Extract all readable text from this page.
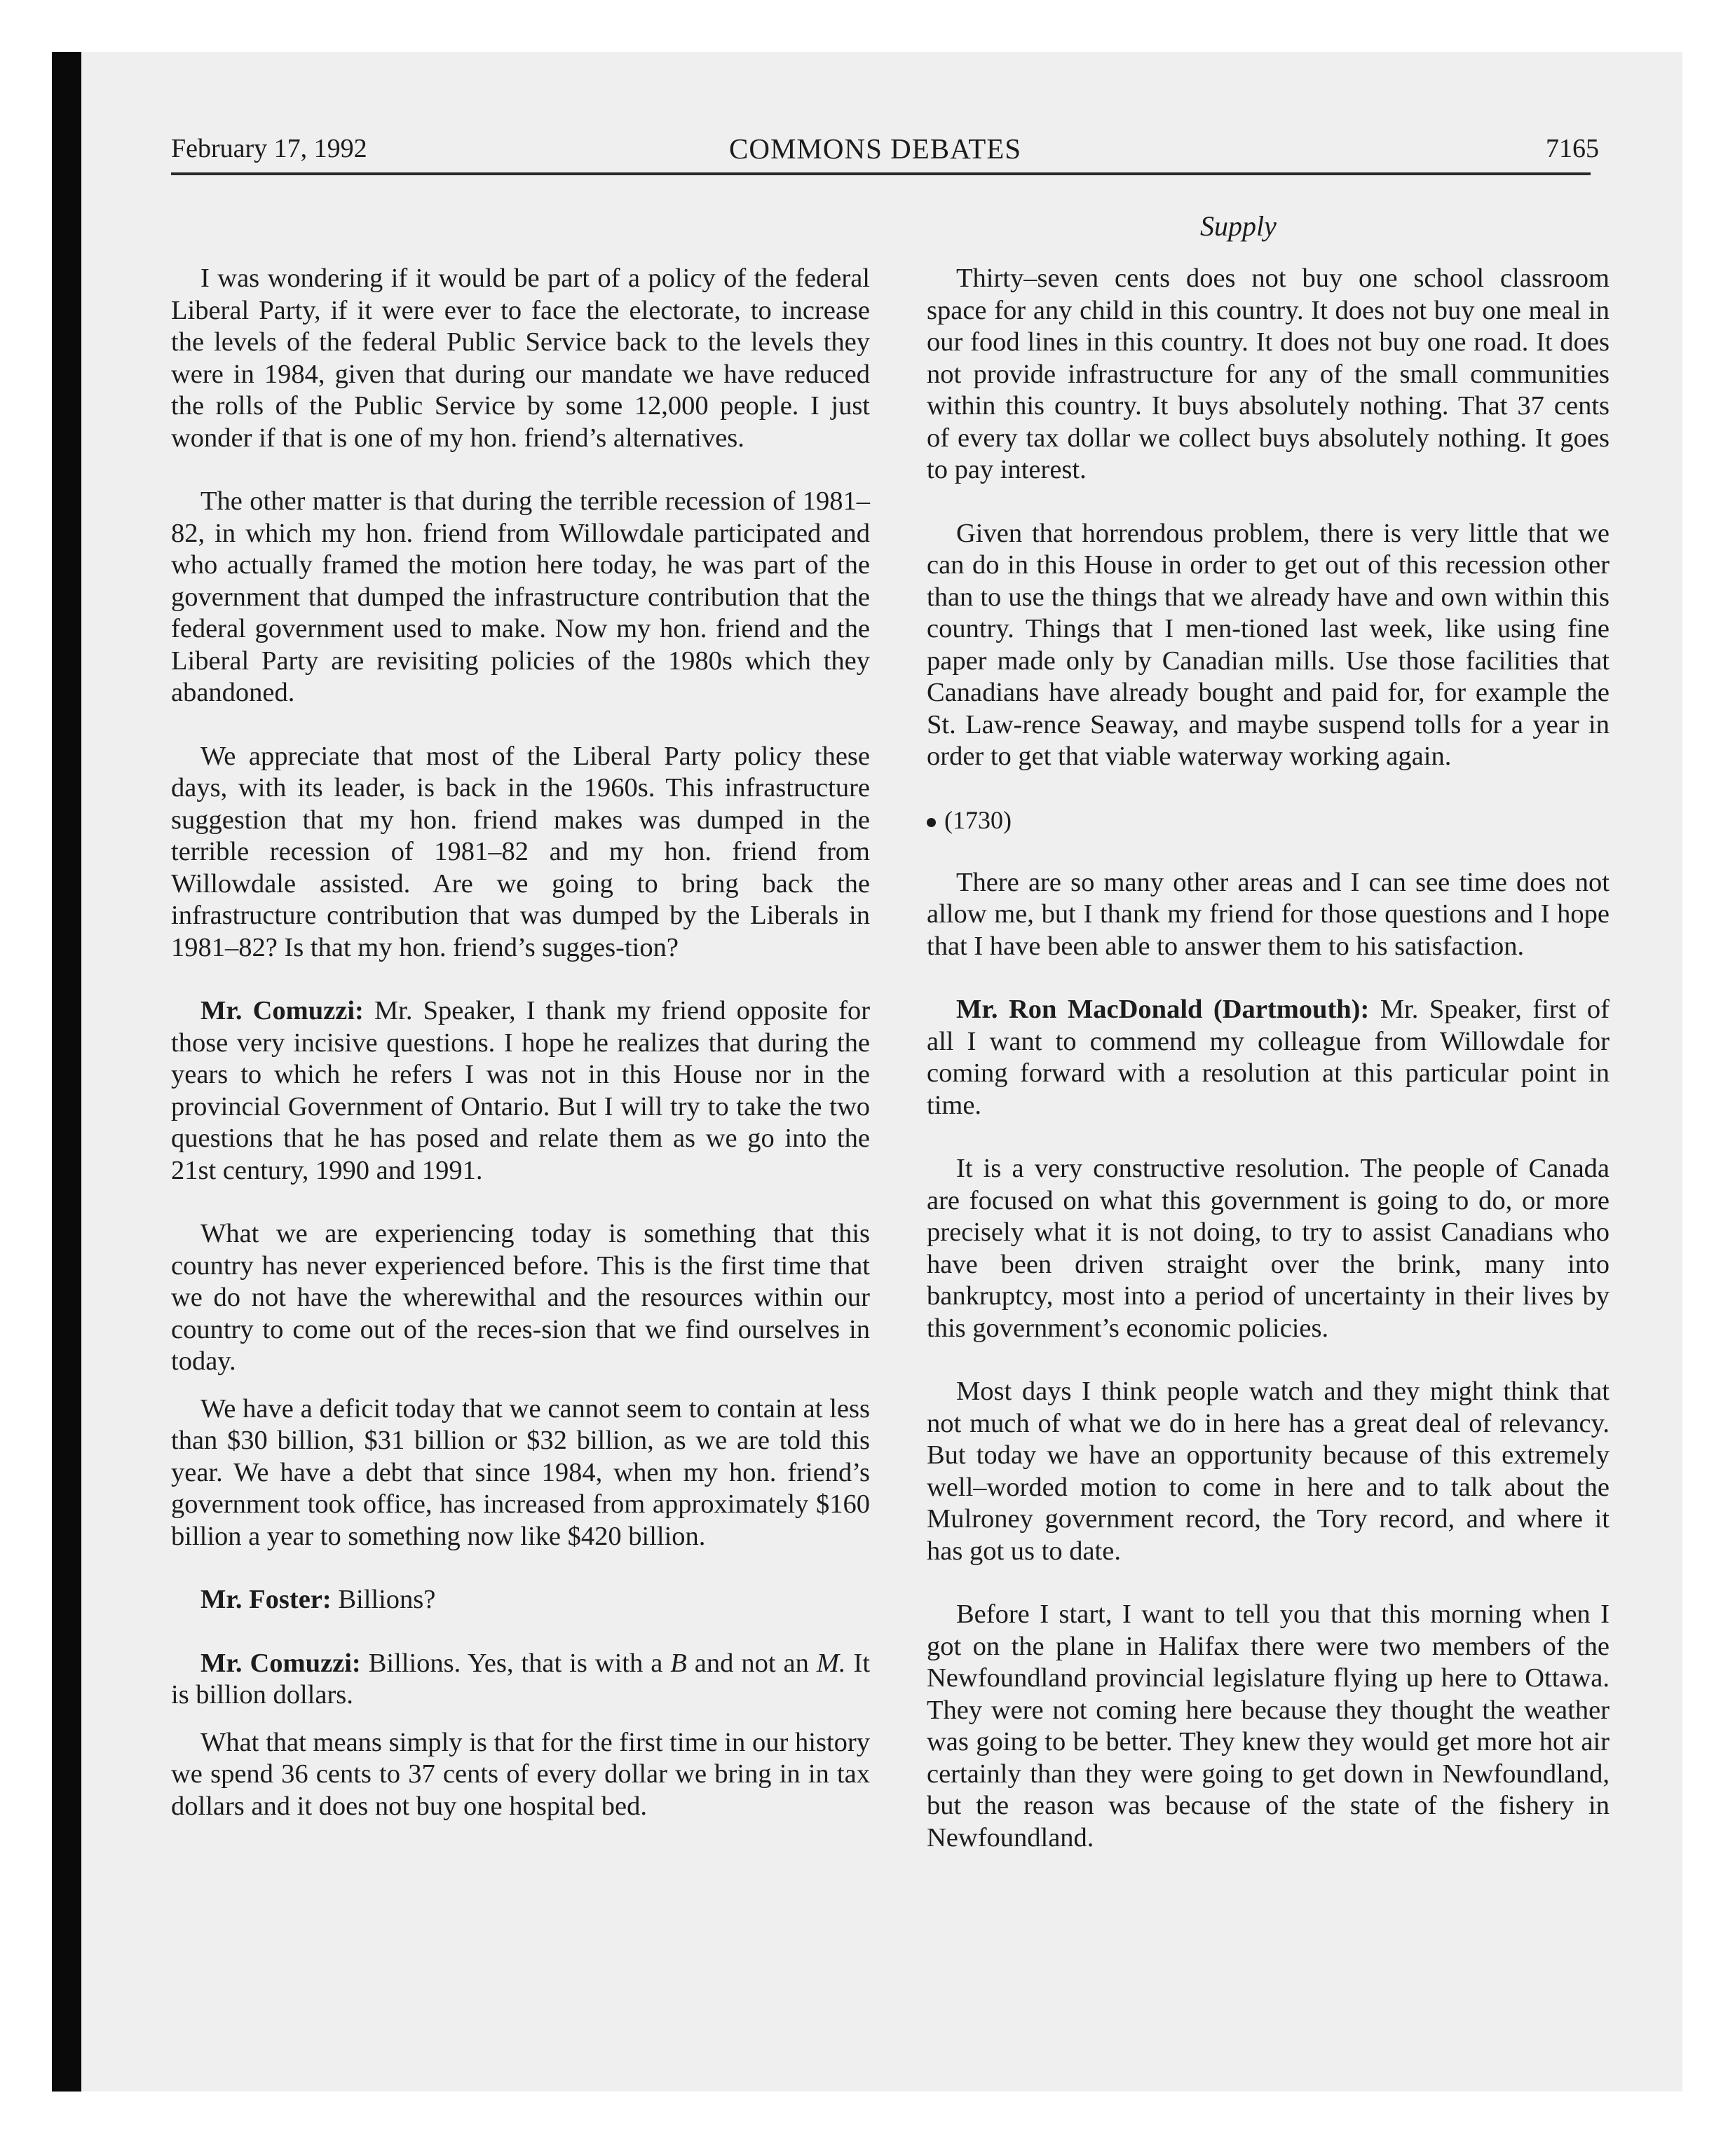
February 17, 1992	COMMONS DEBATES	7165
Supply

I was wondering if it would be part of a policy of the federal Liberal Party, if it were ever to face the electorate, to increase the levels of the federal Public Service back to the levels they were in 1984, given that during our mandate we have reduced the rolls of the Public Service by some 12,000 people. I just wonder if that is one of my hon. friend’s alternatives.

The other matter is that during the terrible recession of 1981–82, in which my hon. friend from Willowdale participated and who actually framed the motion here today, he was part of the government that dumped the infrastructure contribution that the federal government used to make. Now my hon. friend and the Liberal Party are revisiting policies of the 1980s which they abandoned.

We appreciate that most of the Liberal Party policy these days, with its leader, is back in the 1960s. This infrastructure suggestion that my hon. friend makes was dumped in the terrible recession of 1981–82 and my hon. friend from Willowdale assisted. Are we going to bring back the infrastructure contribution that was dumped by the Liberals in 1981–82? Is that my hon. friend’s sugges-tion?

Mr. Comuzzi: Mr. Speaker, I thank my friend opposite for those very incisive questions. I hope he realizes that during the years to which he refers I was not in this House nor in the provincial Government of Ontario. But I will try to take the two questions that he has posed and relate them as we go into the 21st century, 1990 and 1991.

What we are experiencing today is something that this country has never experienced before. This is the first time that we do not have the wherewithal and the resources within our country to come out of the reces-sion that we find ourselves in today.

We have a deficit today that we cannot seem to contain at less than $30 billion, $31 billion or $32 billion, as we are told this year. We have a debt that since 1984, when my hon. friend’s government took office, has increased from approximately $160 billion a year to something now like $420 billion.

Mr. Foster: Billions?

Mr. Comuzzi: Billions. Yes, that is with a B and not an M. It is billion dollars.

What that means simply is that for the first time in our history we spend 36 cents to 37 cents of every dollar we bring in in tax dollars and it does not buy one hospital bed.

Thirty–seven cents does not buy one school classroom space for any child in this country. It does not buy one meal in our food lines in this country. It does not buy one road. It does not provide infrastructure for any of the small communities within this country. It buys absolutely nothing. That 37 cents of every tax dollar we collect buys absolutely nothing. It goes to pay interest.

Given that horrendous problem, there is very little that we can do in this House in order to get out of this recession other than to use the things that we already have and own within this country. Things that I men-tioned last week, like using fine paper made only by Canadian mills. Use those facilities that Canadians have already bought and paid for, for example the St. Law-rence Seaway, and maybe suspend tolls for a year in order to get that viable waterway working again.

(1730)

There are so many other areas and I can see time does not allow me, but I thank my friend for those questions and I hope that I have been able to answer them to his satisfaction.

Mr. Ron MacDonald (Dartmouth): Mr. Speaker, first of all I want to commend my colleague from Willowdale for coming forward with a resolution at this particular point in time.

It is a very constructive resolution. The people of Canada are focused on what this government is going to do, or more precisely what it is not doing, to try to assist Canadians who have been driven straight over the brink, many into bankruptcy, most into a period of uncertainty in their lives by this government’s economic policies.

Most days I think people watch and they might think that not much of what we do in here has a great deal of relevancy. But today we have an opportunity because of this extremely well–worded motion to come in here and to talk about the Mulroney government record, the Tory record, and where it has got us to date.

Before I start, I want to tell you that this morning when I got on the plane in Halifax there were two members of the Newfoundland provincial legislature flying up here to Ottawa. They were not coming here because they thought the weather was going to be better. They knew they would get more hot air certainly than they were going to get down in Newfoundland, but the reason was because of the state of the fishery in Newfoundland.
